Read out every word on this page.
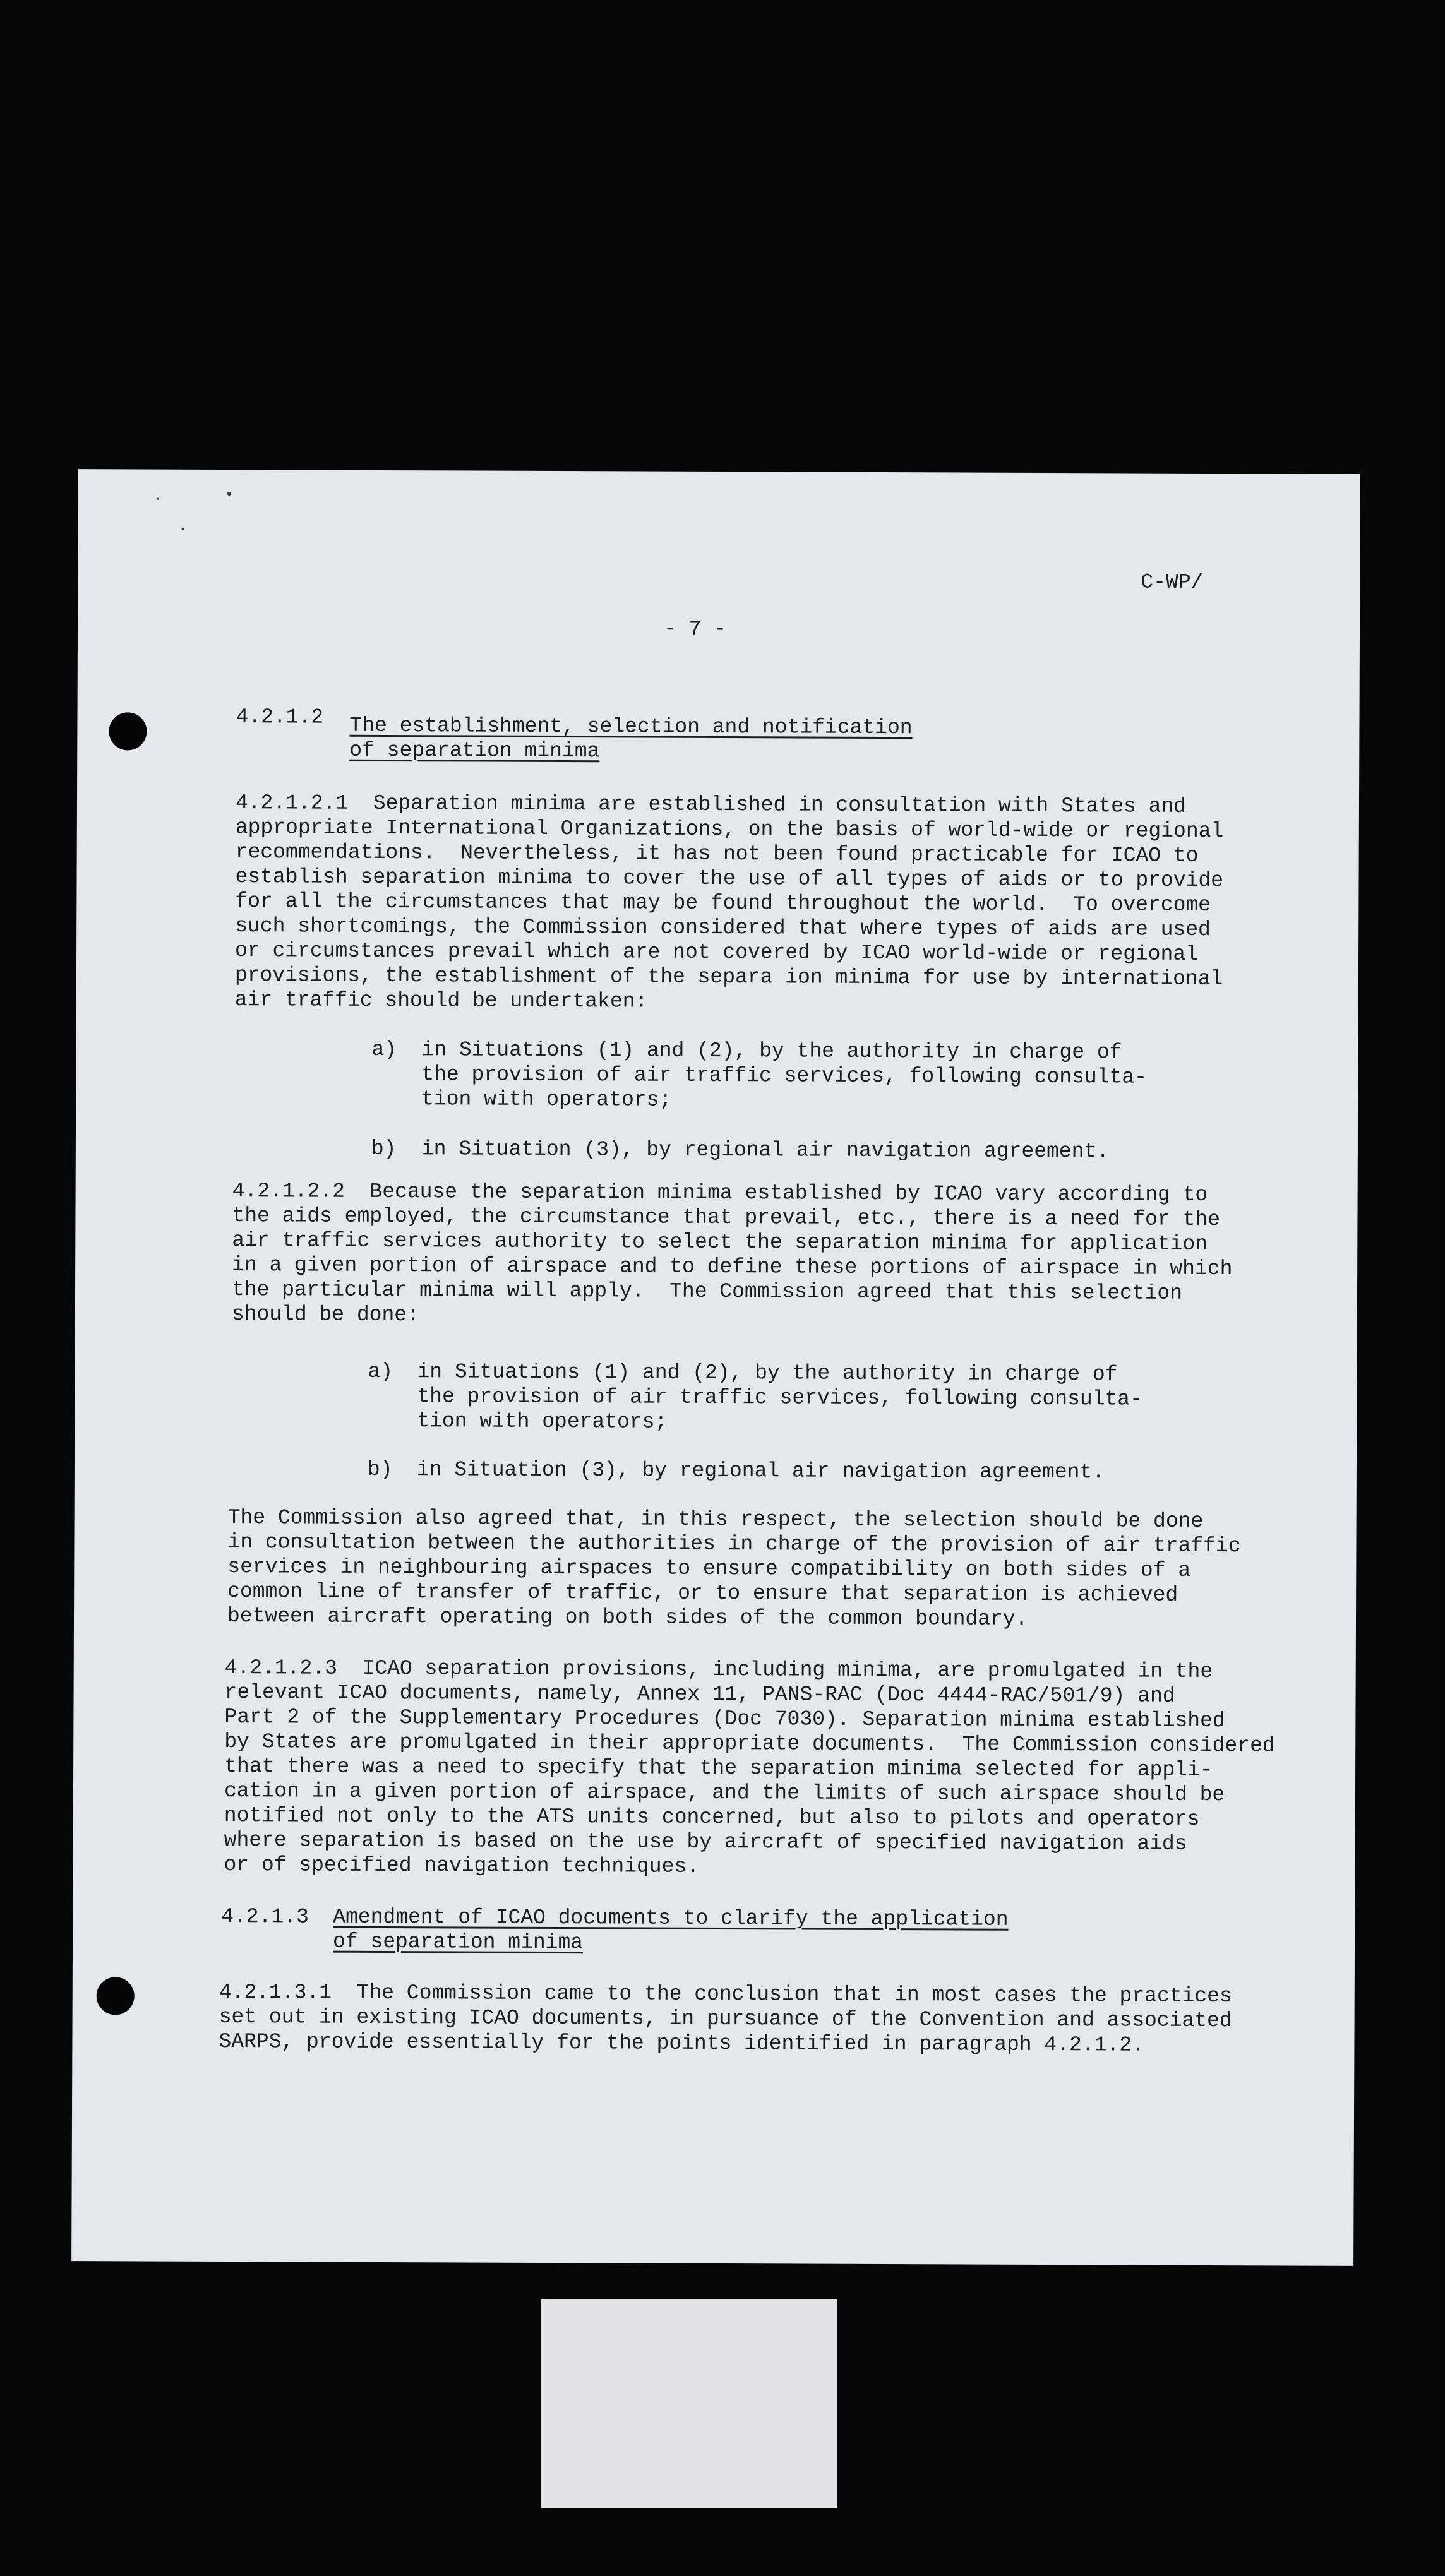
C-WP/
- 7 -
4.2.1.2 The establishment, selection and notification
of separation minima
4.2.1.2.1  Separation minima are established in consultation with States and
appropriate International Organizations, on the basis of world-wide or regional
recommendations.  Nevertheless, it has not been found practicable for ICAO to
establish separation minima to cover the use of all types of aids or to provide
for all the circumstances that may be found throughout the world.  To overcome
such shortcomings, the Commission considered that where types of aids are used
or circumstances prevail which are not covered by ICAO world-wide or regional
provisions, the establishment of the separa ion minima for use by international
air traffic should be undertaken:
a) in Situations (1) and (2), by the authority in charge of
the provision of air traffic services, following consulta-
tion with operators;
b) in Situation (3), by regional air navigation agreement.
4.2.1.2.2  Because the separation minima established by ICAO vary according to
the aids employed, the circumstance that prevail, etc., there is a need for the
air traffic services authority to select the separation minima for application
in a given portion of airspace and to define these portions of airspace in which
the particular minima will apply.  The Commission agreed that this selection
should be done:
a) in Situations (1) and (2), by the authority in charge of
the provision of air traffic services, following consulta-
tion with operators;
b) in Situation (3), by regional air navigation agreement.
The Commission also agreed that, in this respect, the selection should be done
in consultation between the authorities in charge of the provision of air traffic
services in neighbouring airspaces to ensure compatibility on both sides of a
common line of transfer of traffic, or to ensure that separation is achieved
between aircraft operating on both sides of the common boundary.
4.2.1.2.3  ICAO separation provisions, including minima, are promulgated in the
relevant ICAO documents, namely, Annex 11, PANS-RAC (Doc 4444-RAC/501/9) and
Part 2 of the Supplementary Procedures (Doc 7030). Separation minima established
by States are promulgated in their appropriate documents.  The Commission considered
that there was a need to specify that the separation minima selected for appli-
cation in a given portion of airspace, and the limits of such airspace should be
notified not only to the ATS units concerned, but also to pilots and operators
where separation is based on the use by aircraft of specified navigation aids
or of specified navigation techniques.
4.2.1.3 Amendment of ICAO documents to clarify the application
of separation minima
4.2.1.3.1  The Commission came to the conclusion that in most cases the practices
set out in existing ICAO documents, in pursuance of the Convention and associated
SARPS, provide essentially for the points identified in paragraph 4.2.1.2.
